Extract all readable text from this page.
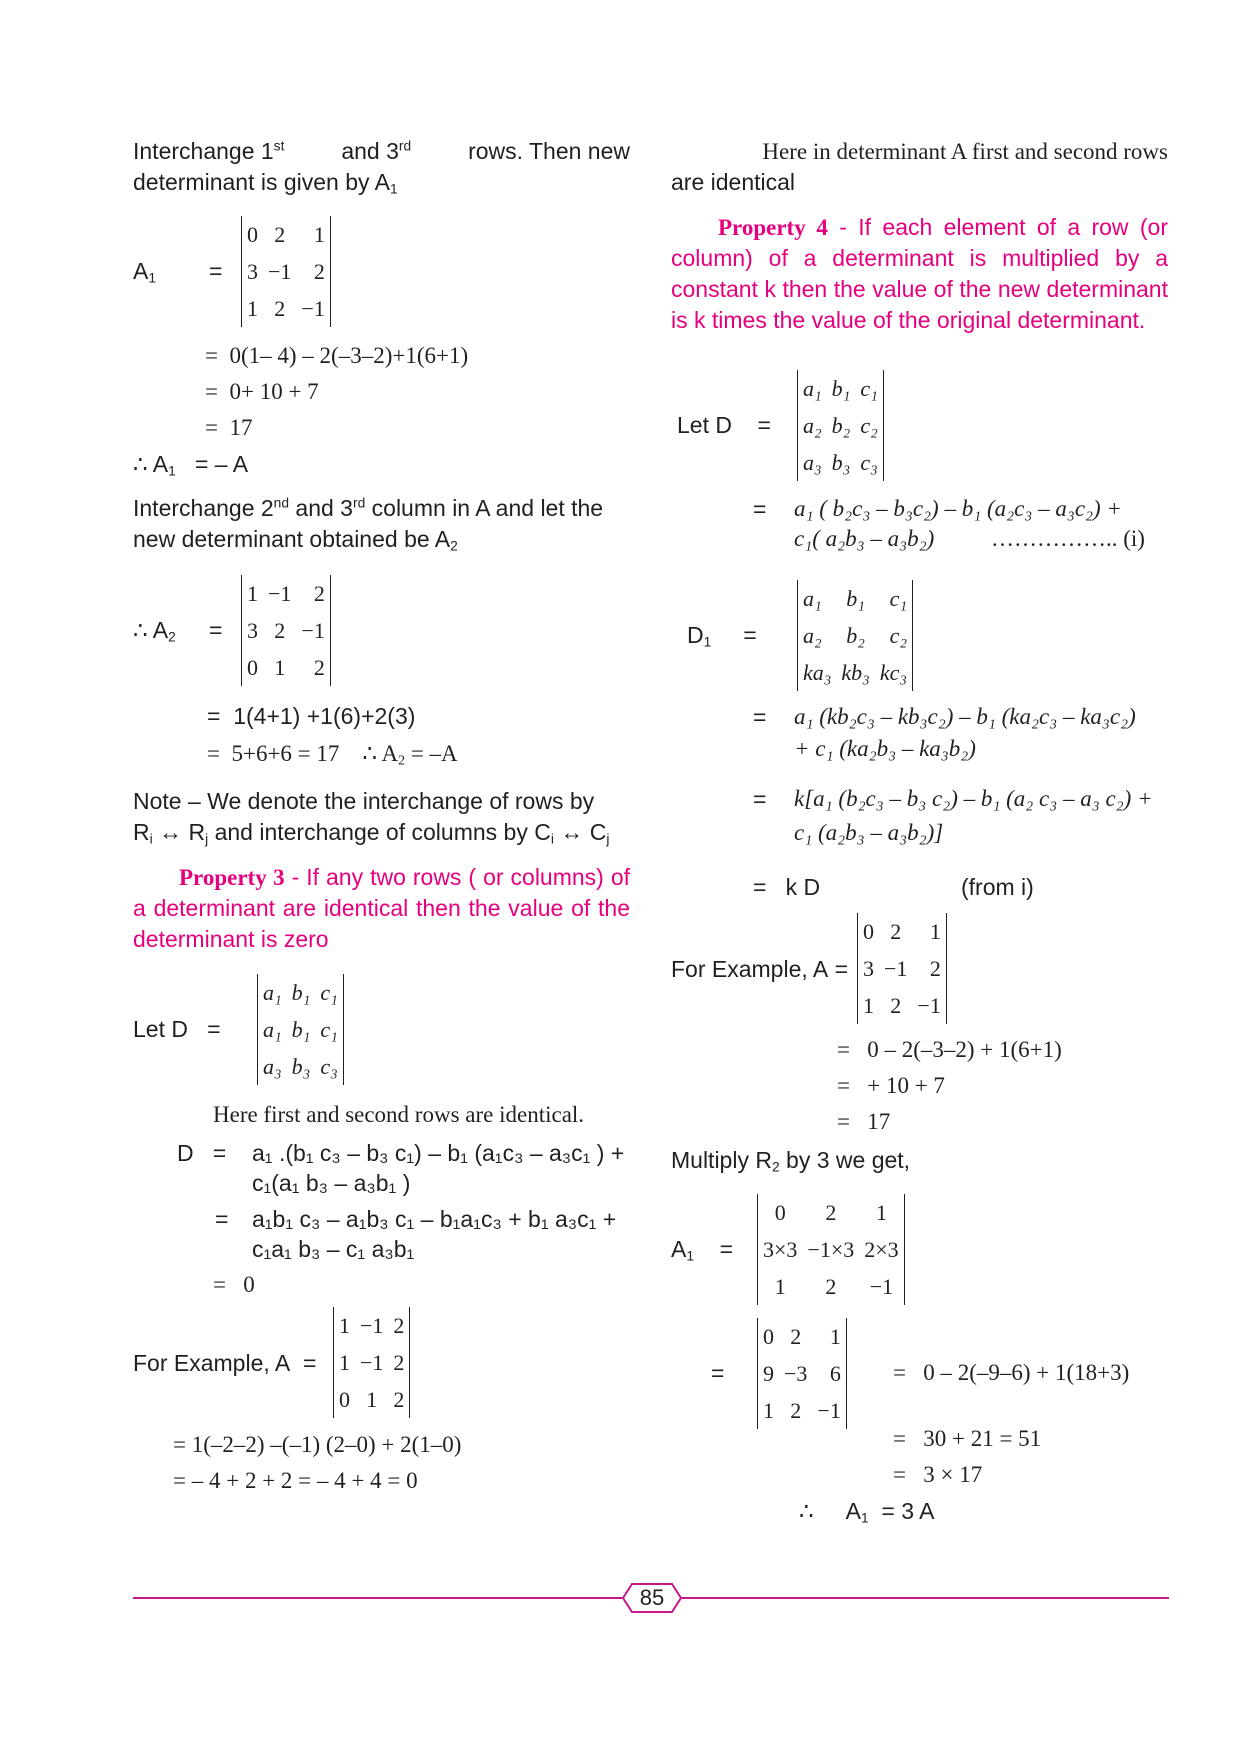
Interchange 1st and 3rd rows. Then new
determinant is given by $A_1$

$A_1$ =
0	2	1
3	−1	2
1	2	−1
=  0(1– 4) – 2(–3–2)+1(6+1)
=  0+ 10 + 7
=  17
∴ $A_1$ = – A

Interchange 2nd and 3rd column in A and let the
new determinant obtained be $A_2$

∴ $A_2$ =
1	−1	2
3	2	−1
0	1	2
=  1(4+1) +1(6)+2(3)
=  5+6+6 = 17 ∴ $A_2 = -A$

Note – We denote the interchange of rows by
$R_i$ ↔ $R_j$ and interchange of columns by $C_i$ ↔ $C_j$

Property 3 - If any two rows ( or columns) of a determinant are identical then the value of the determinant is zero

Let D   =
a₁	b₁	c₁
a₁	b₁	c₁
a₃	b₃	c₃
Here first and second rows are identical.
D   = a₁ .(b₁ c₃ – b₃ c₁) – b₁ (a₁c₃ – a₃c₁ ) +
c₁(a₁ b₃ – a₃b₁ )
= a₁b₁ c₃ – a₁b₃ c₁ – b₁a₁c₃ + b₁ a₃c₁ +
c₁a₁ b₃ – c₁ a₃b₁
=   0
For Example, A  =
1	−1	2
1	−1	2
0	1	2
= 1(–2–2) –(–1) (2–0) + 2(1–0)
= – 4 + 2 + 2 = – 4 + 4 = 0

Here in determinant A first and second rows
are identical

Property 4 - If each element of a row (or column) of a determinant is multiplied by a constant k then the value of the new determinant is k times the value of the original determinant.

Let D    =
a₁	b₁	c₁
a₂	b₂	c₂
a₃	b₃	c₃
= a₁ ( b₂c₃ – b₃c₂) – b₁ (a₂c₃ – a₃c₂) +
c₁( a₂b₃ – a₃b₂) …………….. (i)
$D_1$     =
a₁	b₁	c₁
a₂	b₂	c₂
ka₃	kb₃	kc₃
= a₁ (kb₂c₃ – kb₃c₂) – b₁ (ka₂c₃ – ka₃c₂)
+ c₁ (ka₂b₃ – ka₃b₂)
= k[a₁ (b₂c₃ – b₃ c₂) – b₁ (a₂ c₃ – a₃ c₂) +
c₁ (a₂b₃ – a₃b₂)]
=   k D	(from i)
For Example, A =
0	2	1
3	−1	2
1	2	−1
=   0 – 2(–3–2) + 1(6+1)
=   + 10 + 7
=   17
Multiply $R_2$ by 3 we get,
$A_1$    =
0	2	1
3×3	−1×3	2×3
1	2	−1
=
0	2	1
9	−3	6
1	2	−1
=   0 – 2(–9–6) + 1(18+3)
=   30 + 21 = 51
=   3 × 17
∴ $A_1 = 3$ A
85
